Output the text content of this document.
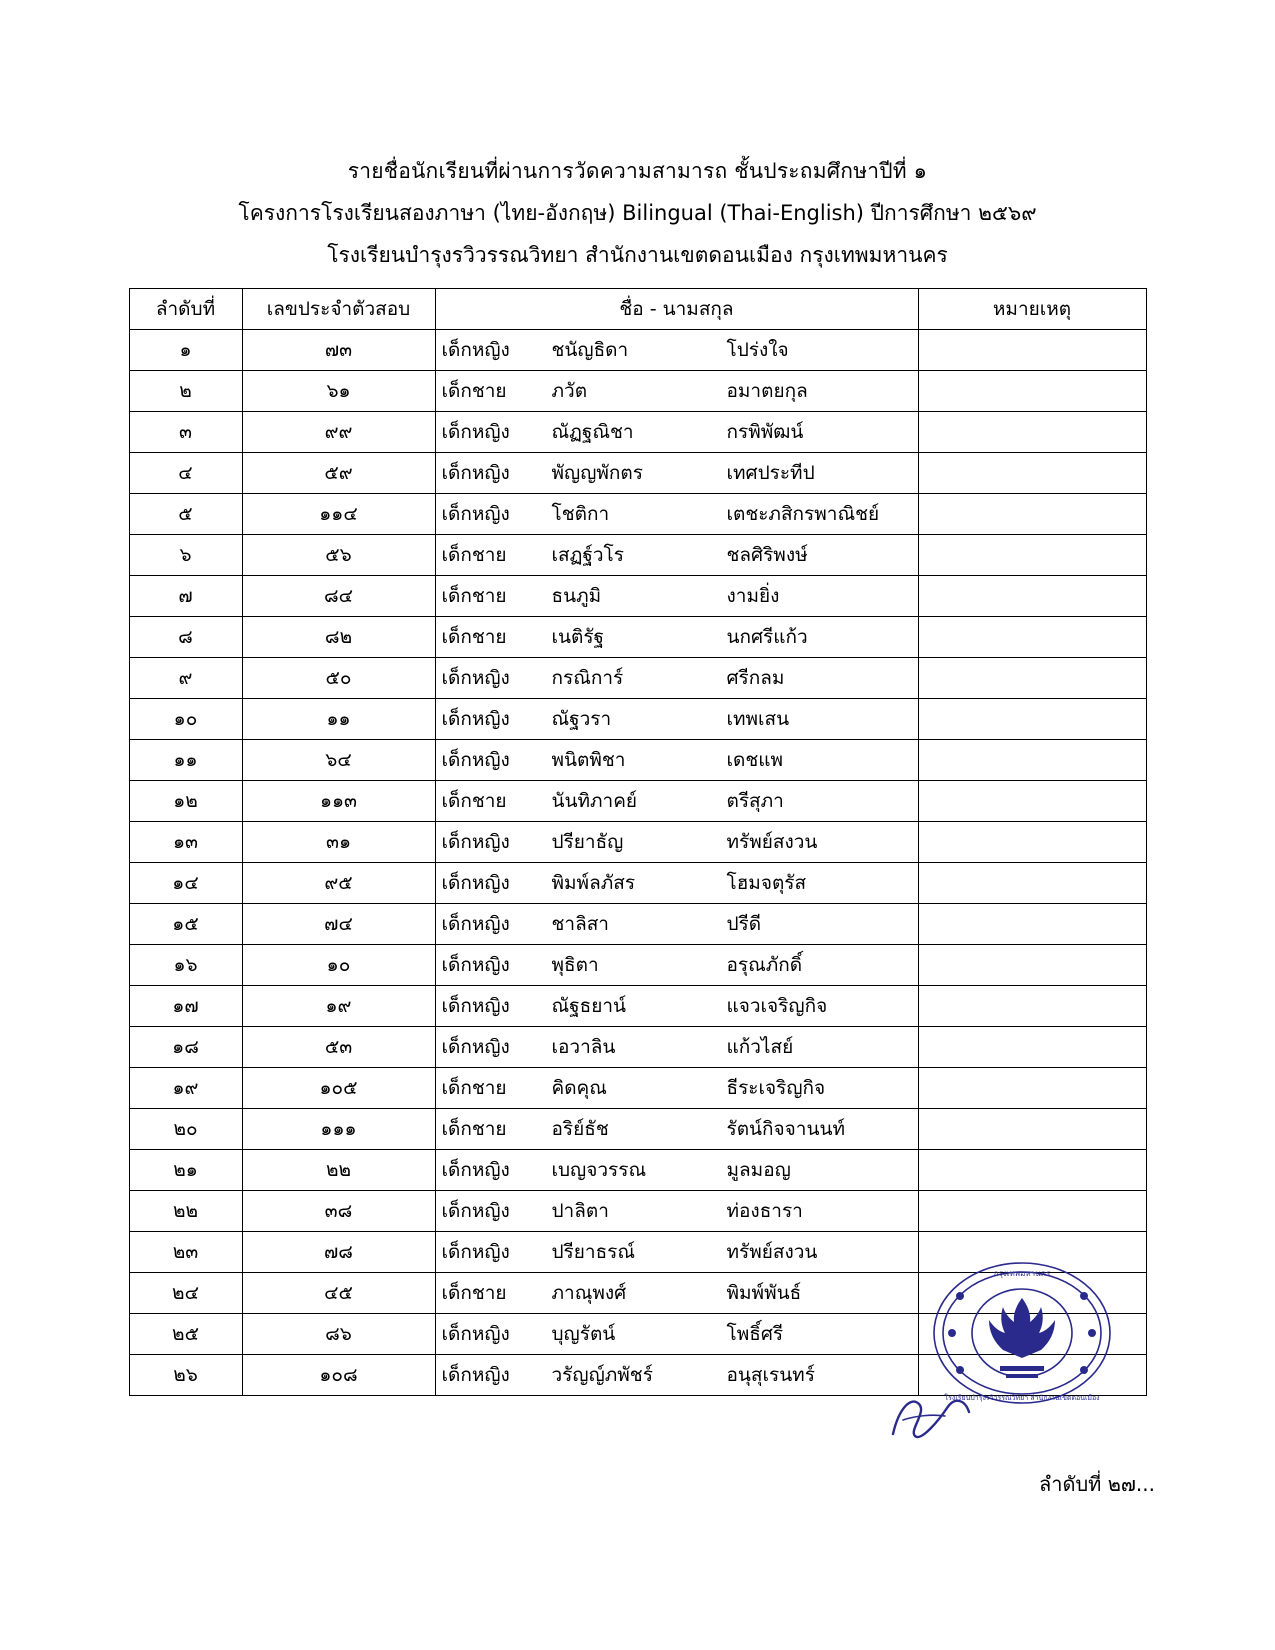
รายชื่อนักเรียนที่ผ่านการวัดความสามารถ ชั้นประถมศึกษาปีที่ ๑
โครงการโรงเรียนสองภาษา (ไทย-อังกฤษ) Bilingual (Thai-English) ปีการศึกษา ๒๕๖๙
โรงเรียนบำรุงรวิวรรณวิทยา สำนักงานเขตดอนเมือง กรุงเทพมหานคร
ลำดับที่	เลขประจำตัวสอบ	ชื่อ - นามสกุล	หมายเหตุ
๑	๗๓	เด็กหญิง ชนัญธิดา โปร่งใจ	
๒	๖๑	เด็กชาย ภวัต อมาตยกุล	
๓	๙๙	เด็กหญิง ณัฏฐณิชา กรพิพัฒน์	
๔	๕๙	เด็กหญิง พัญญพักตร เทศประทีป	
๕	๑๑๔	เด็กหญิง โชติกา เตชะภสิกรพาณิชย์	
๖	๕๖	เด็กชาย เสฏฐ์วโร ชลศิริพงษ์	
๗	๘๔	เด็กชาย ธนภูมิ งามยิ่ง	
๘	๘๒	เด็กชาย เนติรัฐ นกศรีแก้ว	
๙	๕๐	เด็กหญิง กรณิการ์ ศรีกลม	
๑๐	๑๑	เด็กหญิง ณัฐวรา เทพเสน	
๑๑	๖๔	เด็กหญิง พนิตพิชา เดชแพ	
๑๒	๑๑๓	เด็กชาย นันทิภาคย์ ตรีสุภา	
๑๓	๓๑	เด็กหญิง ปรียาธัญ ทรัพย์สงวน	
๑๔	๙๕	เด็กหญิง พิมพ์ลภัสร โฮมจตุรัส	
๑๕	๗๔	เด็กหญิง ชาลิสา ปรีดี	
๑๖	๑๐	เด็กหญิง พุธิตา อรุณภักดิ์	
๑๗	๑๙	เด็กหญิง ณัฐธยาน์ แจวเจริญกิจ	
๑๘	๕๓	เด็กหญิง เอวาลิน แก้วไสย์	
๑๙	๑๐๕	เด็กชาย คิดคุณ ธีระเจริญกิจ	
๒๐	๑๑๑	เด็กชาย อริย์ธัช รัตน์กิจจานนท์	
๒๑	๒๒	เด็กหญิง เบญจวรรณ มูลมอญ	
๒๒	๓๘	เด็กหญิง ปาลิตา ท่องธารา	
๒๓	๗๘	เด็กหญิง ปรียาธรณ์ ทรัพย์สงวน	
๒๔	๔๕	เด็กชาย ภาณุพงศ์ พิมพ์พันธ์	
๒๕	๘๖	เด็กหญิง บุญรัตน์ โพธิ์ศรี	
๒๖	๑๐๘	เด็กหญิง วรัญญ์ภพัชร์ อนุสุเรนทร์	
กรุงเทพมหานคร
โรงเรียนบำรุงรวิวรรณวิทยา สำนักงานเขตดอนเมือง
ลำดับที่ ๒๗...
